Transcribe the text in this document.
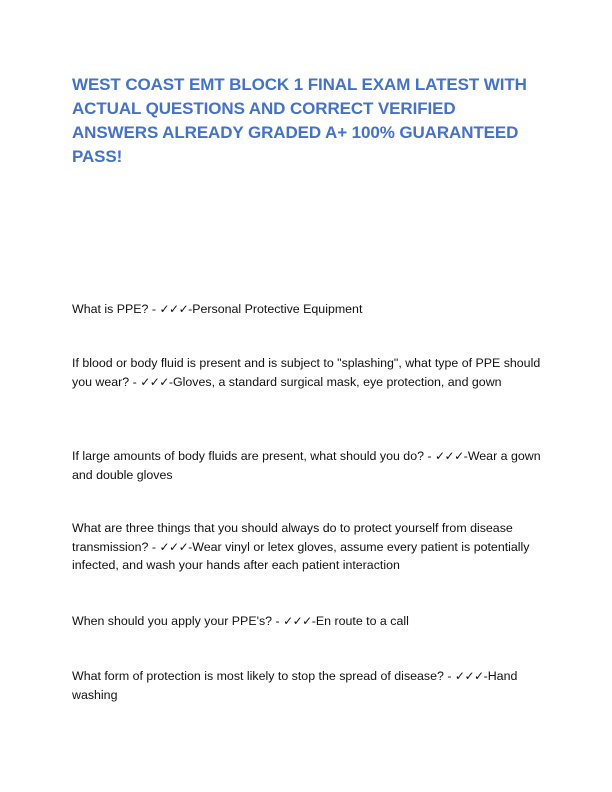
WEST COAST EMT BLOCK 1 FINAL EXAM LATEST WITH ACTUAL QUESTIONS AND CORRECT VERIFIED ANSWERS ALREADY GRADED A+ 100% GUARANTEED PASS!

What is PPE? - ✓✓✓-Personal Protective Equipment

If blood or body fluid is present and is subject to "splashing", what type of PPE should you wear? - ✓✓✓-Gloves, a standard surgical mask, eye protection, and gown

If large amounts of body fluids are present, what should you do? - ✓✓✓-Wear a gown and double gloves

What are three things that you should always do to protect yourself from disease transmission? - ✓✓✓-Wear vinyl or letex gloves, assume every patient is potentially infected, and wash your hands after each patient interaction

When should you apply your PPE's? - ✓✓✓-En route to a call

What form of protection is most likely to stop the spread of disease? - ✓✓✓-Hand washing
